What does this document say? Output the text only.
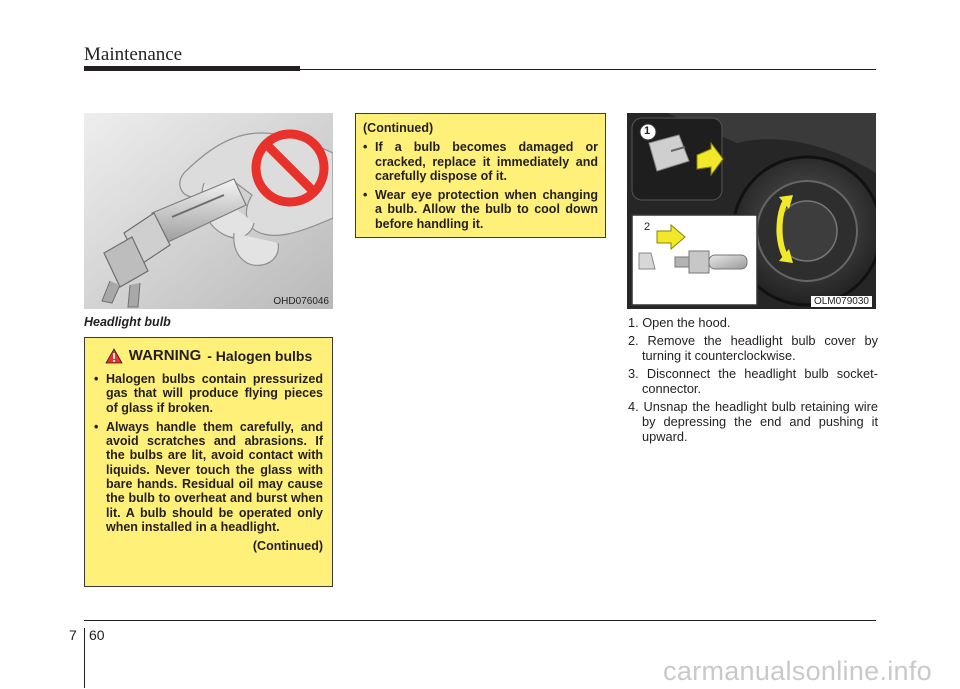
Maintenance
OHD076046
Headlight bulb
WARNING - Halogen bulbs
• Halogen bulbs contain pressurized gas that will produce flying pieces of glass if broken.
• Always handle them carefully, and avoid scratches and abrasions. If the bulbs are lit, avoid contact with liquids. Never touch the glass with bare hands. Residual oil may cause the bulb to overheat and burst when lit. A bulb should be operated only when installed in a headlight.
(Continued)
(Continued)
• If a bulb becomes damaged or cracked, replace it immediately and carefully dispose of it.
• Wear eye protection when changing a bulb. Allow the bulb to cool down before handling it.
1
2
OLM079030
1. Open the hood.
2. Remove the headlight bulb cover by turning it counterclockwise.
3. Disconnect the headlight bulb socket-connector.
4. Unsnap the headlight bulb retaining wire by depressing the end and pushing it upward.
7 60
carmanualsonline.info
